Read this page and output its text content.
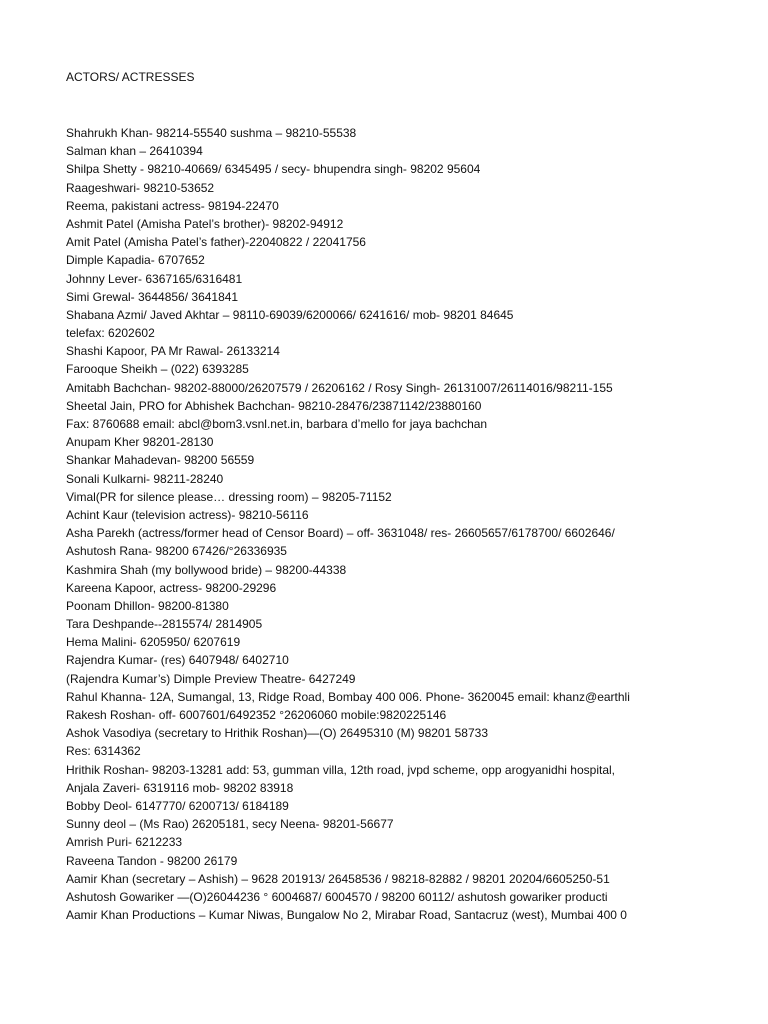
ACTORS/ ACTRESSES
Shahrukh Khan- 98214-55540 sushma – 98210-55538
Salman khan – 26410394
Shilpa Shetty - 98210-40669/ 6345495 / secy- bhupendra singh- 98202 95604
Raageshwari- 98210-53652
Reema, pakistani actress- 98194-22470
Ashmit Patel (Amisha Patel’s brother)- 98202-94912
Amit Patel (Amisha Patel’s father)-22040822 / 22041756
Dimple Kapadia- 6707652
Johnny Lever- 6367165/6316481
Simi Grewal- 3644856/ 3641841
Shabana Azmi/ Javed Akhtar – 98110-69039/6200066/ 6241616/ mob- 98201 84645
telefax: 6202602
Shashi Kapoor, PA Mr Rawal- 26133214
Farooque Sheikh – (022) 6393285
Amitabh Bachchan- 98202-88000/26207579 / 26206162 / Rosy Singh- 26131007/26114016/98211-155
Sheetal Jain, PRO for Abhishek Bachchan- 98210-28476/23871142/23880160
Fax: 8760688 email: abcl@bom3.vsnl.net.in, barbara d’mello for jaya bachchan
Anupam Kher 98201-28130
Shankar Mahadevan- 98200 56559
Sonali Kulkarni- 98211-28240
Vimal(PR for silence please… dressing room) – 98205-71152
Achint Kaur (television actress)- 98210-56116
Asha Parekh (actress/former head of Censor Board) – off- 3631048/ res- 26605657/6178700/ 6602646/
Ashutosh Rana- 98200 67426/°26336935
Kashmira Shah (my bollywood bride) – 98200-44338
Kareena Kapoor, actress- 98200-29296
Poonam Dhillon- 98200-81380
Tara Deshpande--2815574/ 2814905
Hema Malini- 6205950/ 6207619
Rajendra Kumar- (res) 6407948/ 6402710
(Rajendra Kumar’s) Dimple Preview Theatre- 6427249
Rahul Khanna- 12A, Sumangal, 13, Ridge Road, Bombay 400 006. Phone- 3620045 email: khanz@earthli
Rakesh Roshan- off- 6007601/6492352 °26206060 mobile:9820225146
Ashok Vasodiya (secretary to Hrithik Roshan)—(O) 26495310 (M) 98201 58733
Res: 6314362
Hrithik Roshan- 98203-13281 add: 53, gumman villa, 12th road, jvpd scheme, opp arogyanidhi hospital,
Anjala Zaveri- 6319116 mob- 98202 83918
Bobby Deol- 6147770/ 6200713/ 6184189
Sunny deol – (Ms Rao) 26205181, secy Neena- 98201-56677
Amrish Puri- 6212233
Raveena Tandon - 98200 26179
Aamir Khan (secretary – Ashish) – 9628 201913/ 26458536 / 98218-82882 / 98201 20204/6605250-51
Ashutosh Gowariker —(O)26044236 ° 6004687/ 6004570 / 98200 60112/ ashutosh gowariker producti
Aamir Khan Productions – Kumar Niwas, Bungalow No 2, Mirabar Road, Santacruz (west), Mumbai 400 0
